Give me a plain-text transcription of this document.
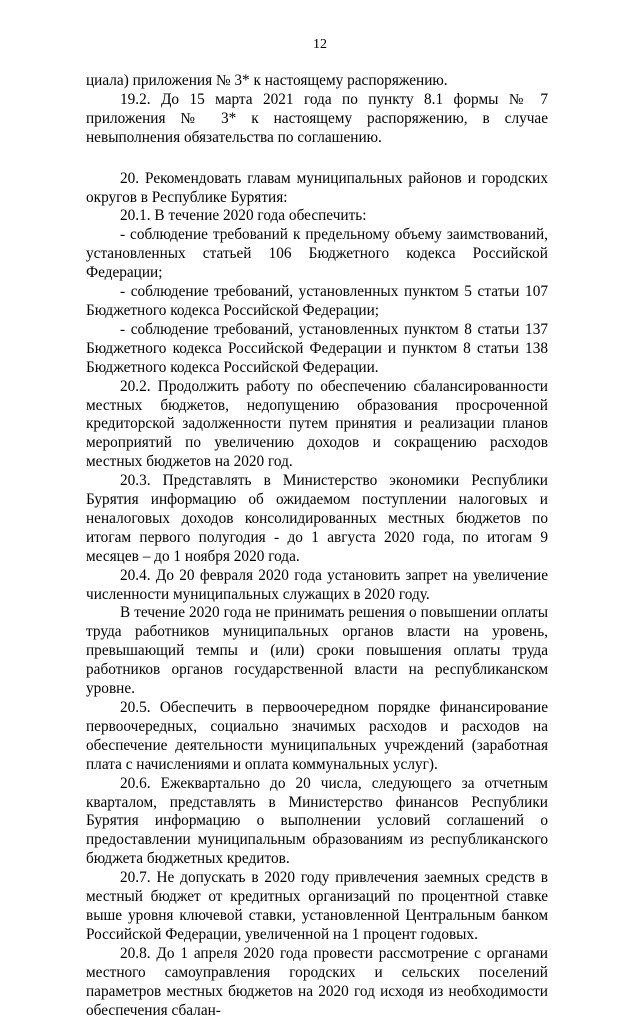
12

циала) приложения № 3* к настоящему распоряжению.

19.2. До 15 марта 2021 года по пункту 8.1 формы № 7 приложения № 3* к настоящему распоряжению, в случае невыполнения обязательства по соглашению.

20. Рекомендовать главам муниципальных районов и городских округов в Республике Бурятия:

20.1. В течение 2020 года обеспечить:

- соблюдение требований к предельному объему заимствований, установленных статьей 106 Бюджетного кодекса Российской Федерации;

- соблюдение требований, установленных пунктом 5 статьи 107 Бюджетного кодекса Российской Федерации;

- соблюдение требований, установленных пунктом 8 статьи 137 Бюджетного кодекса Российской Федерации и пунктом 8 статьи 138 Бюджетного кодекса Российской Федерации.

20.2. Продолжить работу по обеспечению сбалансированности местных бюджетов, недопущению образования просроченной кредиторской задолженности путем принятия и реализации планов мероприятий по увеличению доходов и сокращению расходов местных бюджетов на 2020 год.

20.3. Представлять в Министерство экономики Республики Бурятия информацию об ожидаемом поступлении налоговых и неналоговых доходов консолидированных местных бюджетов по итогам первого полугодия - до 1 августа 2020 года, по итогам 9 месяцев – до 1 ноября 2020 года.

20.4. До 20 февраля 2020 года установить запрет на увеличение численности муниципальных служащих в 2020 году.

В течение 2020 года не принимать решения о повышении оплаты труда работников муниципальных органов власти на уровень, превышающий темпы и (или) сроки повышения оплаты труда работников органов государственной власти на республиканском уровне.

20.5. Обеспечить в первоочередном порядке финансирование первоочередных, социально значимых расходов и расходов на обеспечение деятельности муниципальных учреждений (заработная плата с начислениями и оплата коммунальных услуг).

20.6. Ежеквартально до 20 числа, следующего за отчетным кварталом, представлять в Министерство финансов Республики Бурятия информацию о выполнении условий соглашений о предоставлении муниципальным образованиям из республиканского бюджета бюджетных кредитов.

20.7. Не допускать в 2020 году привлечения заемных средств в местный бюджет от кредитных организаций по процентной ставке выше уровня ключевой ставки, установленной Центральным банком Российской Федерации, увеличенной на 1 процент годовых.

20.8. До 1 апреля 2020 года провести рассмотрение с органами местного самоуправления городских и сельских поселений параметров местных бюджетов на 2020 год исходя из необходимости обеспечения сбалан-
